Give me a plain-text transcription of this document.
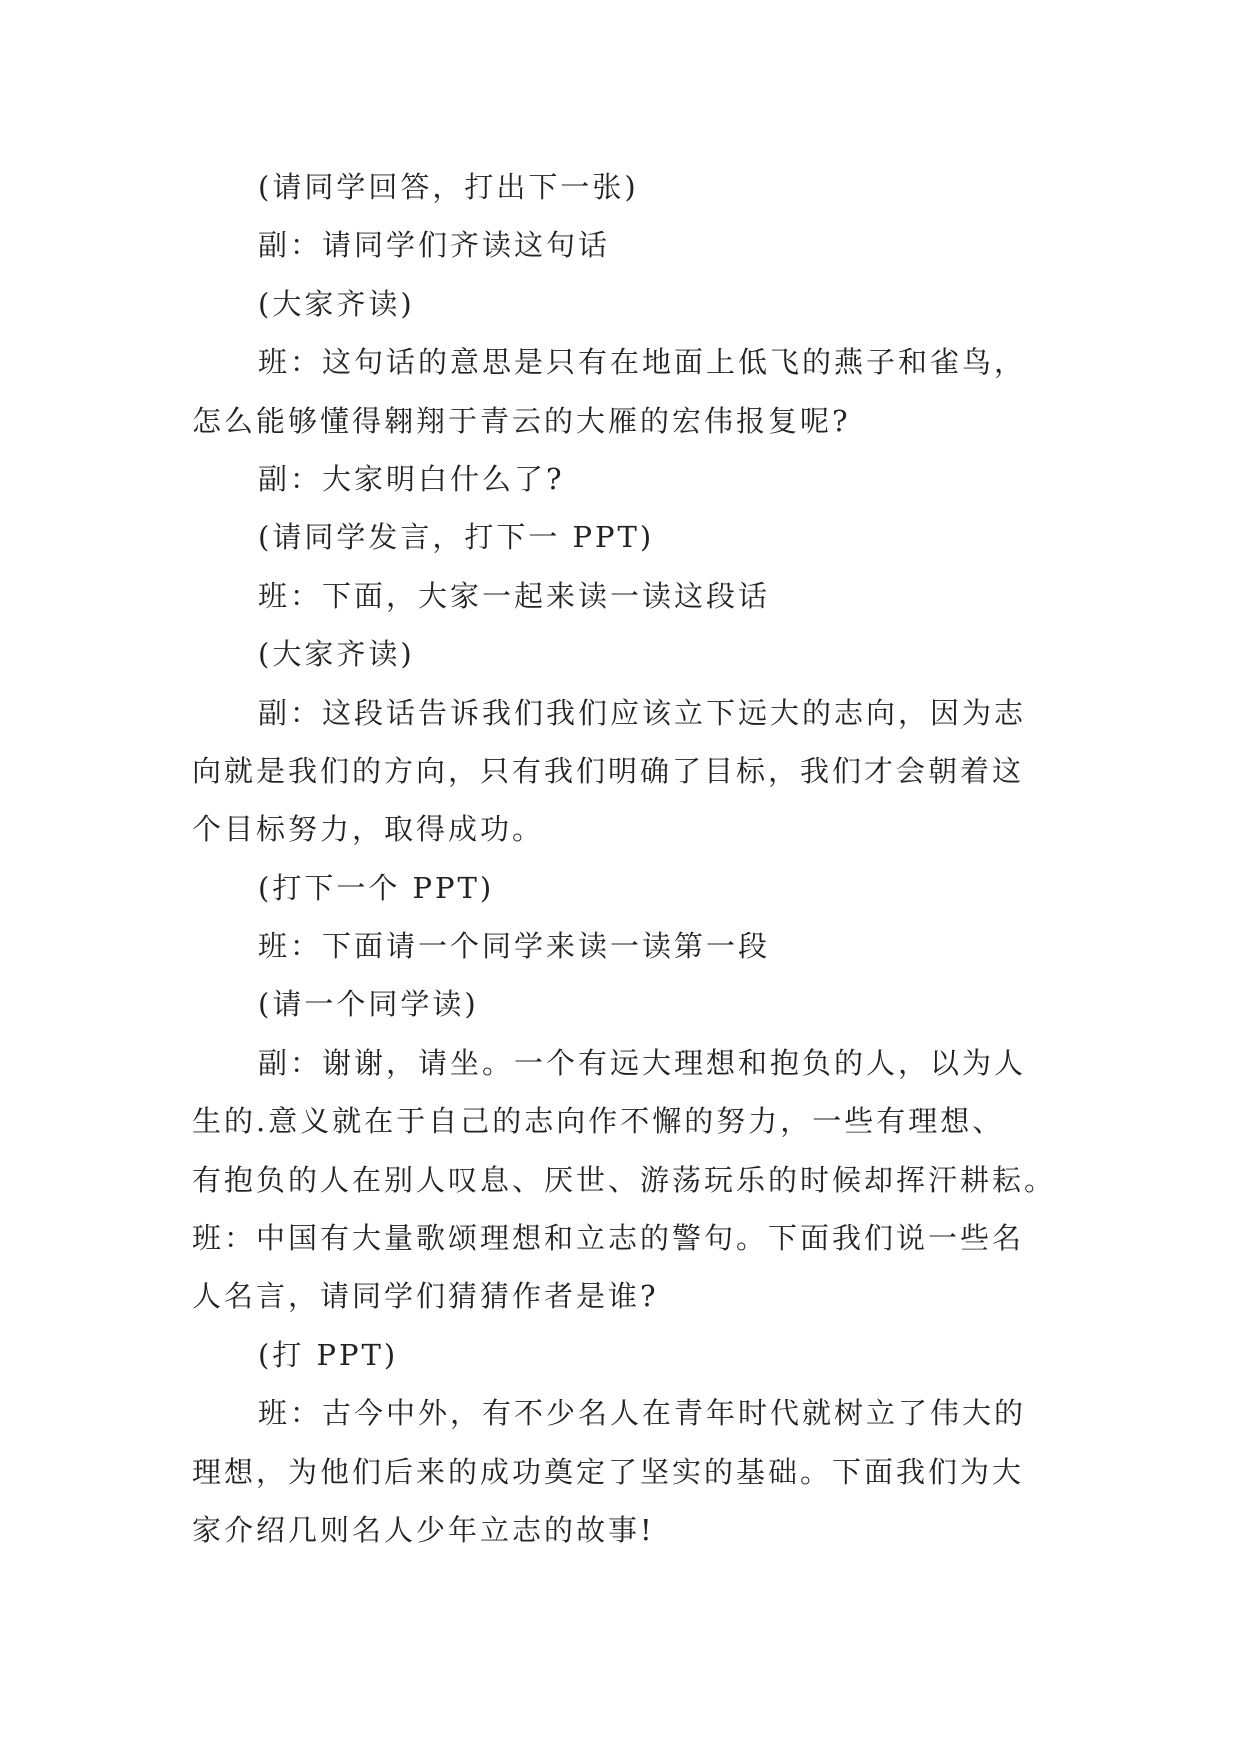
(请同学回答，打出下一张)
副：请同学们齐读这句话
(大家齐读)
班：这句话的意思是只有在地面上低飞的燕子和雀鸟，
怎么能够懂得翱翔于青云的大雁的宏伟报复呢?
副：大家明白什么了?
(请同学发言，打下一 PPT)
班：下面，大家一起来读一读这段话
(大家齐读)
副：这段话告诉我们我们应该立下远大的志向，因为志
向就是我们的方向，只有我们明确了目标，我们才会朝着这
个目标努力，取得成功。
(打下一个 PPT)
班：下面请一个同学来读一读第一段
(请一个同学读)
副：谢谢，请坐。一个有远大理想和抱负的人，以为人
生的.意义就在于自己的志向作不懈的努力，一些有理想、
有抱负的人在别人叹息、厌世、游荡玩乐的时候却挥汗耕耘。
班：中国有大量歌颂理想和立志的警句。下面我们说一些名
人名言，请同学们猜猜作者是谁?
(打 PPT)
班：古今中外，有不少名人在青年时代就树立了伟大的
理想，为他们后来的成功奠定了坚实的基础。下面我们为大
家介绍几则名人少年立志的故事!
